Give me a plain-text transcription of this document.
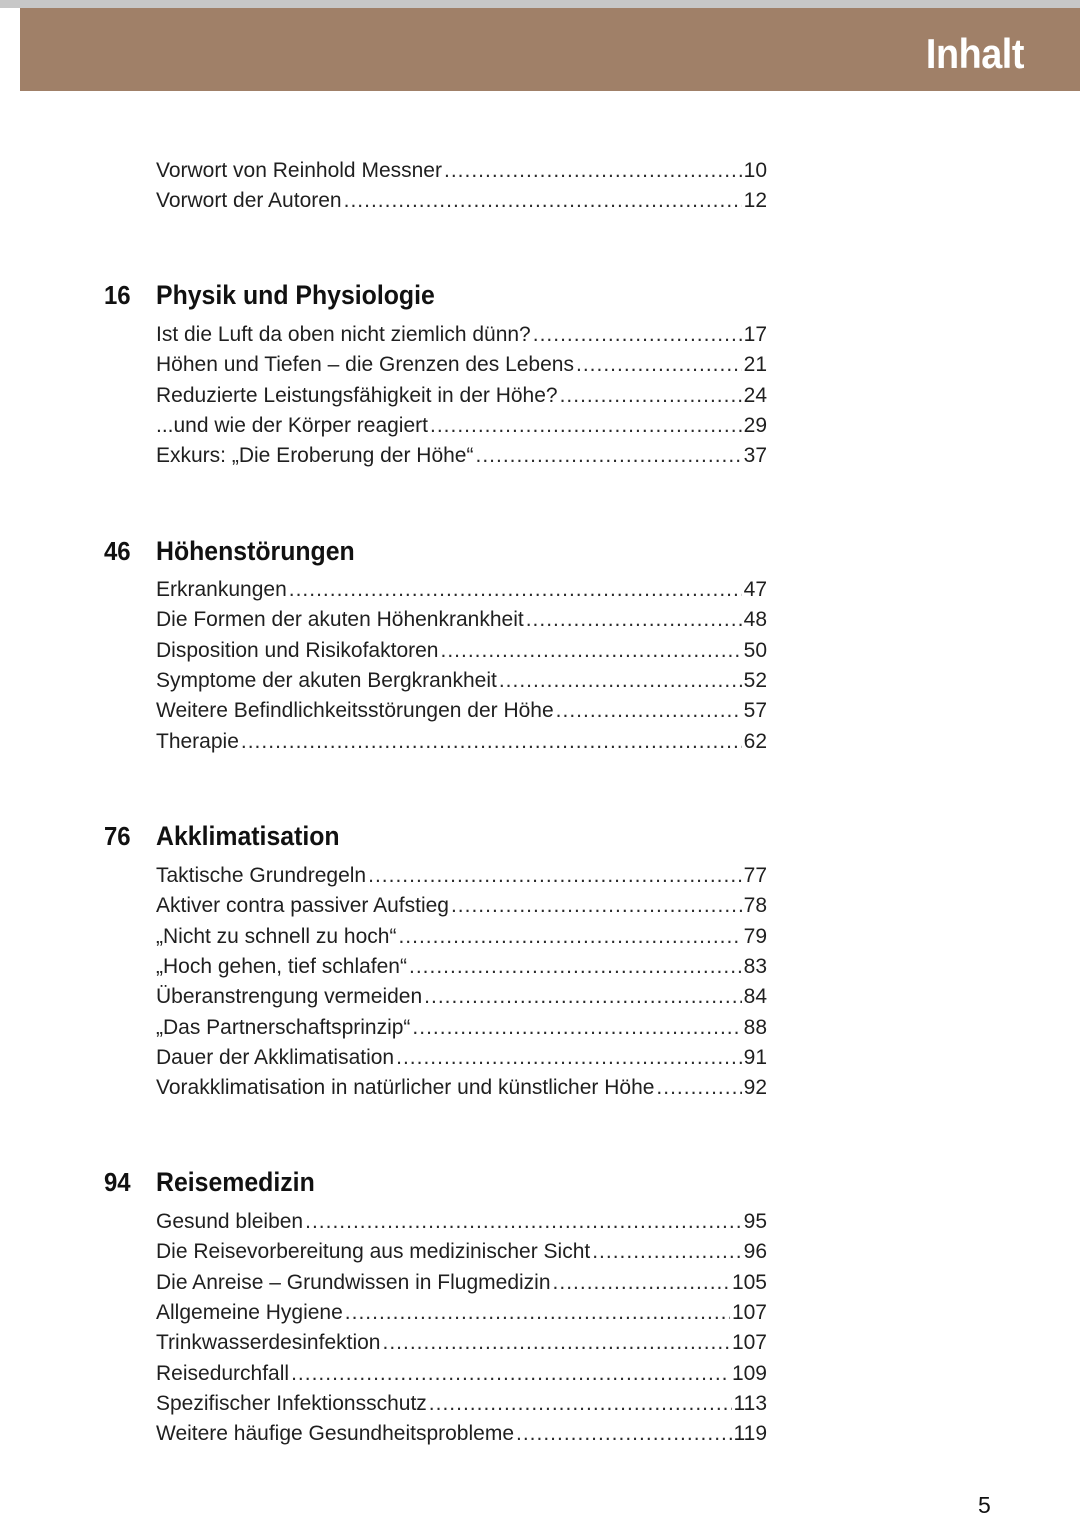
Inhalt
Vorwort von Reinhold Messner .....	10
Vorwort der Autoren .....	12
16 Physik und Physiologie
Ist die Luft da oben nicht ziemlich dünn? .....	17
Höhen und Tiefen – die Grenzen des Lebens .....	21
Reduzierte Leistungsfähigkeit in der Höhe? .....	24
...und wie der Körper reagiert .....	29
Exkurs: „Die Eroberung der Höhe“ .....	37
46 Höhenstörungen
Erkrankungen .....	47
Die Formen der akuten Höhenkrankheit .....	48
Disposition und Risikofaktoren .....	50
Symptome der akuten Bergkrankheit .....	52
Weitere Befindlichkeitsstörungen der Höhe .....	57
Therapie .....	62
76 Akklimatisation
Taktische Grundregeln .....	77
Aktiver contra passiver Aufstieg .....	78
„Nicht zu schnell zu hoch“ .....	79
„Hoch gehen, tief schlafen“ .....	83
Überanstrengung vermeiden .....	84
„Das Partnerschaftsprinzip“ .....	88
Dauer der Akklimatisation .....	91
Vorakklimatisation in natürlicher und künstlicher Höhe .....	92
94 Reisemedizin
Gesund bleiben .....	95
Die Reisevorbereitung aus medizinischer Sicht .....	96
Die Anreise – Grundwissen in Flugmedizin .....	105
Allgemeine Hygiene .....	107
Trinkwasserdesinfektion .....	107
Reisedurchfall .....	109
Spezifischer Infektionsschutz .....	113
Weitere häufige Gesundheitsprobleme .....	119
5
